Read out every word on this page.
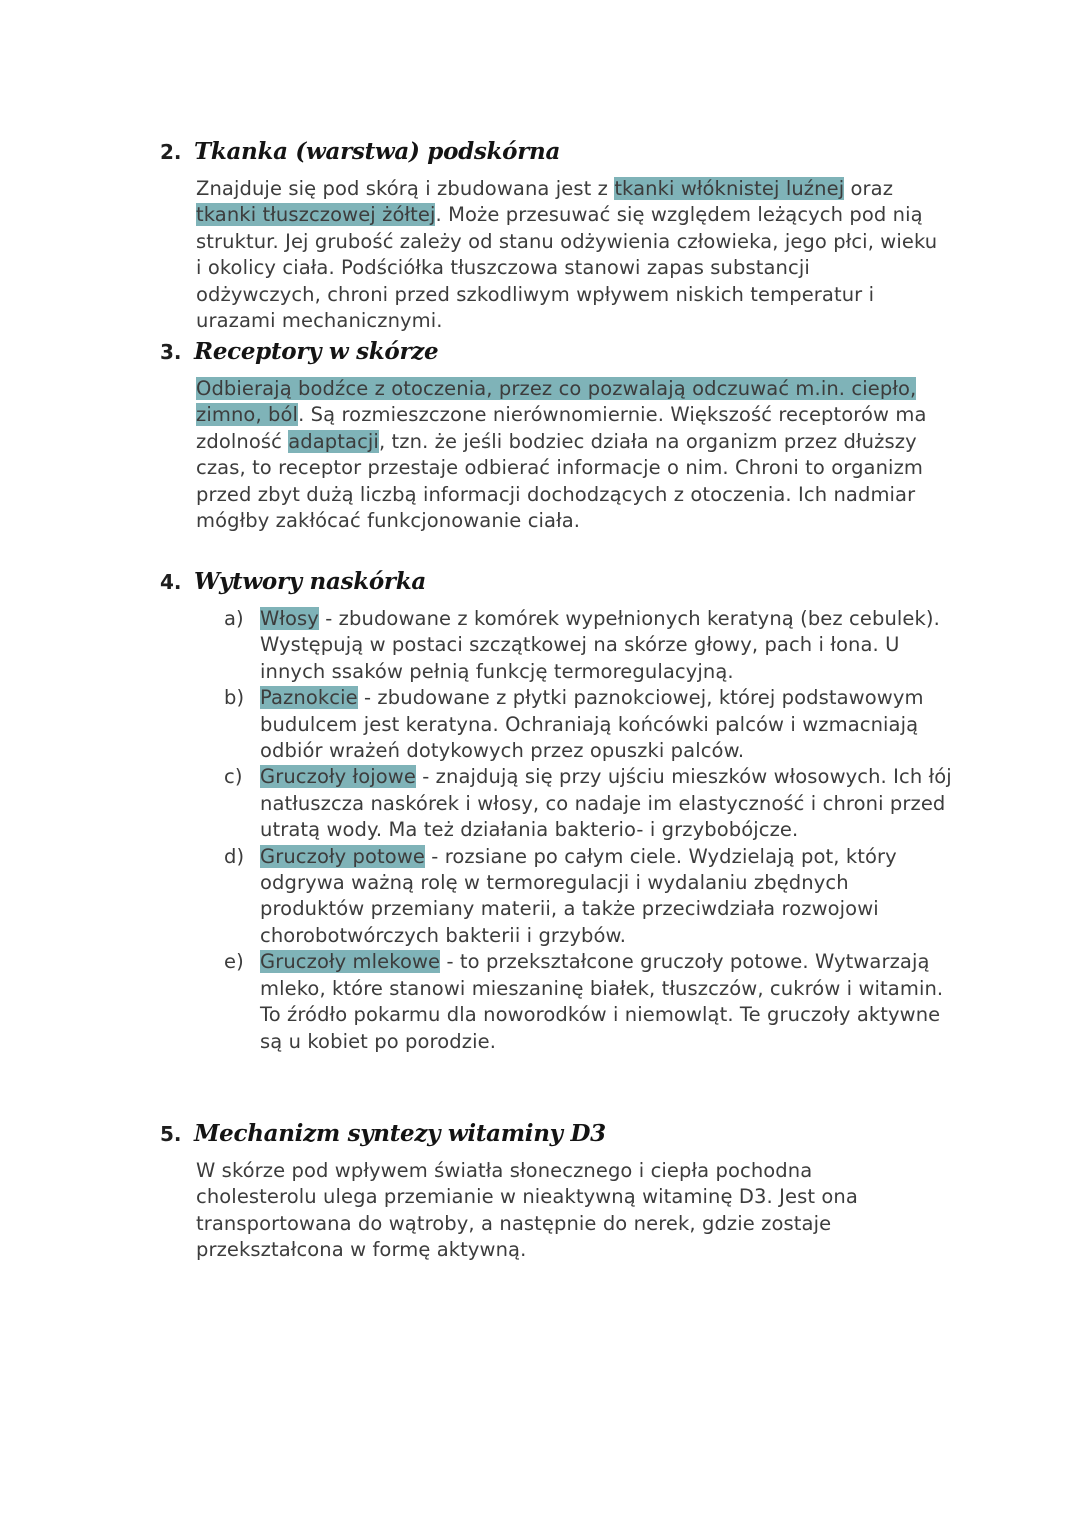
2. Tkanka (warstwa) podskórna
Znajduje się pod skórą i zbudowana jest z tkanki włóknistej luźnej oraz tkanki tłuszczowej żółtej. Może przesuwać się względem leżących pod nią struktur. Jej grubość zależy od stanu odżywienia człowieka, jego płci, wieku i okolicy ciała. Podściółka tłuszczowa stanowi zapas substancji odżywczych, chroni przed szkodliwym wpływem niskich temperatur i urazami mechanicznymi.
3. Receptory w skórze
Odbierają bodźce z otoczenia, przez co pozwalają odczuwać m.in. ciepło, zimno, ból. Są rozmieszczone nierównomiernie. Większość receptorów ma zdolność adaptacji, tzn. że jeśli bodziec działa na organizm przez dłuższy czas, to receptor przestaje odbierać informacje o nim. Chroni to organizm przed zbyt dużą liczbą informacji dochodzących z otoczenia. Ich nadmiar mógłby zakłócać funkcjonowanie ciała.
4. Wytwory naskórka
a) Włosy - zbudowane z komórek wypełnionych keratyną (bez cebulek). Występują w postaci szczątkowej na skórze głowy, pach i łona. U innych ssaków pełnią funkcję termoregulacyjną.
b) Paznokcie - zbudowane z płytki paznokciowej, której podstawowym budulcem jest keratyna. Ochraniają końcówki palców i wzmacniają odbiór wrażeń dotykowych przez opuszki palców.
c) Gruczoły łojowe - znajdują się przy ujściu mieszków włosowych. Ich łój natłuszcza naskórek i włosy, co nadaje im elastyczność i chroni przed utratą wody. Ma też działania bakterio- i grzybobójcze.
d) Gruczoły potowe - rozsiane po całym ciele. Wydzielają pot, który odgrywa ważną rolę w termoregulacji i wydalaniu zbędnych produktów przemiany materii, a także przeciwdziała rozwojowi chorobotwórczych bakterii i grzybów.
e) Gruczoły mlekowe - to przekształcone gruczoły potowe. Wytwarzają mleko, które stanowi mieszaninę białek, tłuszczów, cukrów i witamin. To źródło pokarmu dla noworodków i niemowląt. Te gruczoły aktywne są u kobiet po porodzie.
5. Mechanizm syntezy witaminy D3
W skórze pod wpływem światła słonecznego i ciepła pochodna cholesterolu ulega przemianie w nieaktywną witaminę D3. Jest ona transportowana do wątroby, a następnie do nerek, gdzie zostaje przekształcona w formę aktywną.
